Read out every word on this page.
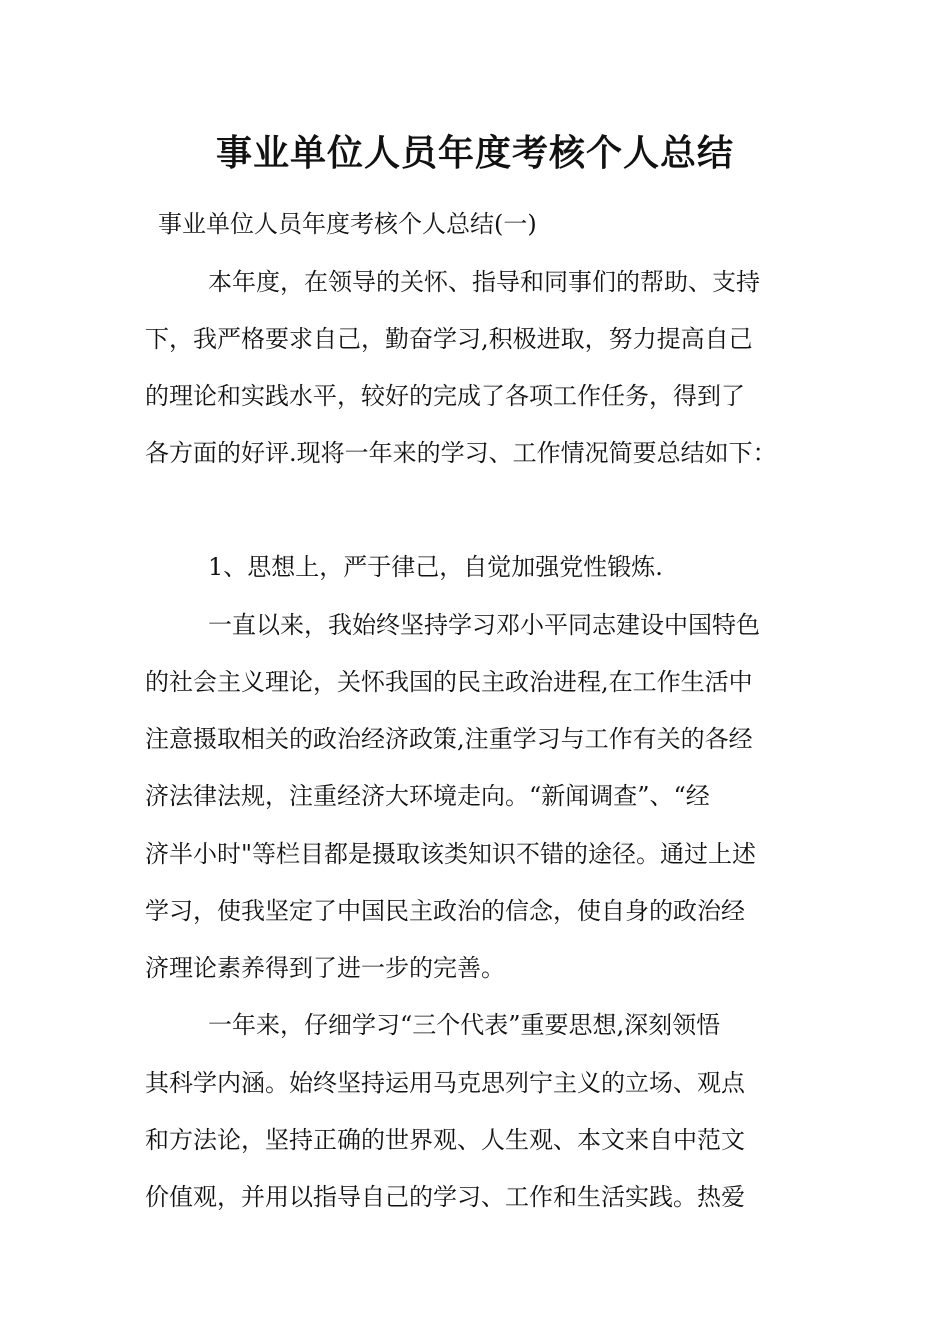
事业单位人员年度考核个人总结
事业单位人员年度考核个人总结(一)
本年度，在领导的关怀、指导和同事们的帮助、支持
下，我严格要求自己，勤奋学习,积极进取，努力提高自己
的理论和实践水平，较好的完成了各项工作任务，得到了
各方面的好评.现将一年来的学习、工作情况简要总结如下：
1、思想上，严于律己，自觉加强党性锻炼.
一直以来，我始终坚持学习邓小平同志建设中国特色
的社会主义理论，关怀我国的民主政治进程,在工作生活中
注意摄取相关的政治经济政策,注重学习与工作有关的各经
济法律法规，注重经济大环境走向。“新闻调查”、“经
济半小时"等栏目都是摄取该类知识不错的途径。通过上述
学习，使我坚定了中国民主政治的信念，使自身的政治经
济理论素养得到了进一步的完善。
一年来，仔细学习“三个代表”重要思想,深刻领悟
其科学内涵。始终坚持运用马克思列宁主义的立场、观点
和方法论，坚持正确的世界观、人生观、本文来自中范文
价值观，并用以指导自己的学习、工作和生活实践。热爱
